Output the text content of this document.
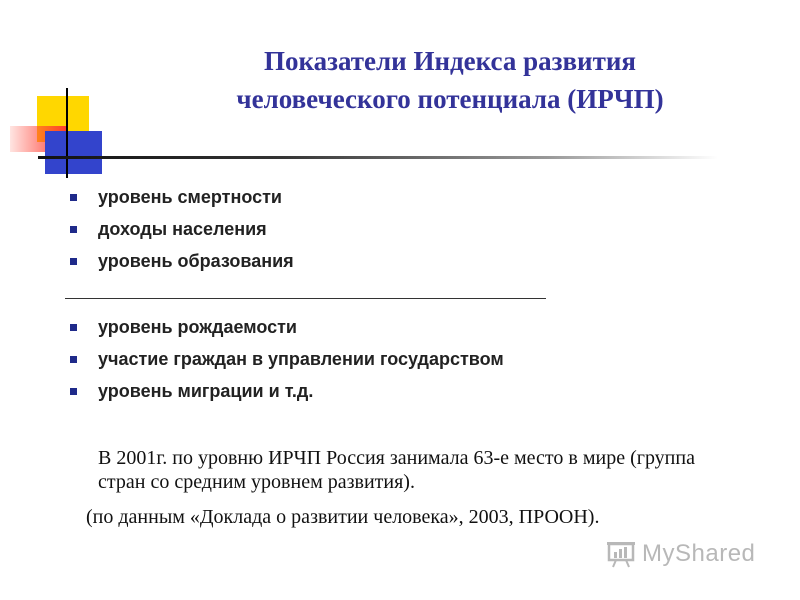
Показатели Индекса развития
человеческого потенциала (ИРЧП)
уровень смертности
доходы населения
уровень образования
уровень рождаемости
участие граждан в управлении государством
уровень миграции и т.д.
В 2001г. по уровню ИРЧП Россия занимала 63-е место в мире (группа стран со средним уровнем развития).
(по данным «Доклада о развитии человека», 2003, ПРООН).
MyShared
